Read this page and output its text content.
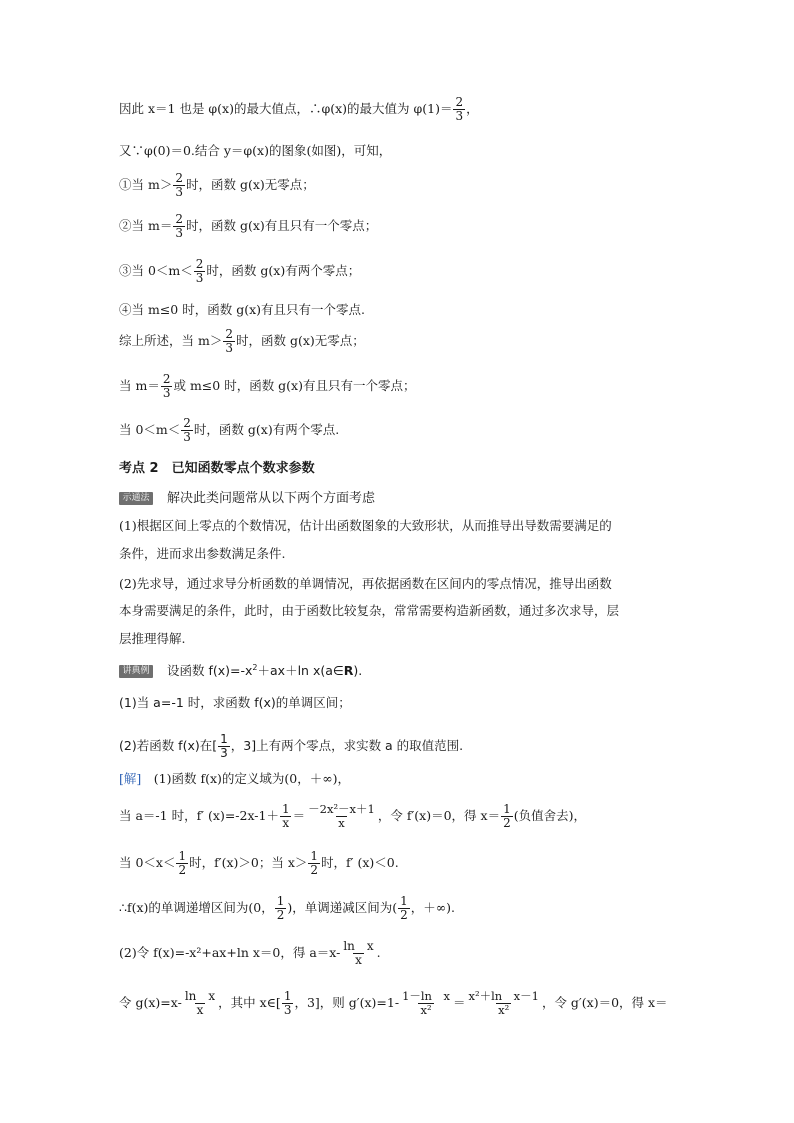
因此 x＝1 也是 φ(x)的最大值点，∴φ(x)的最大值为 $\varphi(1)= \frac{2}{3}$ ，
又∵φ(0)＝0.结合 y＝φ(x)的图象(如图)，可知，
①当 $m> \frac{2}{3}$ 时，函数 g(x)无零点；
②当 $m= \frac{2}{3}$ 时，函数 g(x)有且只有一个零点；
③当 $0<m< \frac{2}{3}$ 时，函数 g(x)有两个零点；
④当 m≤0 时，函数 g(x)有且只有一个零点.
综上所述，当 $m> \frac{2}{3}$ 时，函数 g(x)无零点；
当 $m= \frac{2}{3}$ 或 m≤0 时，函数 g(x)有且只有一个零点；
当 $0<m< \frac{2}{3}$ 时，函数 g(x)有两个零点.
考点 2　已知函数零点个数求参数
示通法 解决此类问题常从以下两个方面考虑
(1)根据区间上零点的个数情况，估计出函数图象的大致形状，从而推导出导数需要满足的
条件，进而求出参数满足条件.
(2)先求导，通过求导分析函数的单调情况，再依据函数在区间内的零点情况，推导出函数
本身需要满足的条件，此时，由于函数比较复杂，常常需要构造新函数，通过多次求导，层
层推理得解.
讲典例 设函数 $f(x)=-x^2+ax+\ln$ x(a∈R).
(1)当 a=-1 时，求函数 f(x)的单调区间；
(2)若函数 f(x)在[ $\frac{1}{3}$ ，3]上有两个零点，求实数 a 的取值范围.
[解]　(1)函数 f(x)的定义域为(0，＋∞)，
当 a＝-1 时，f′ $(x)=-2x-1+ \frac{1}{x} = \frac{\text{－2x²－x＋1}}{x}$ ，令 f′(x)＝0，得 $x= \frac{1}{2}$ (负值舍去)，
当 $0<x< \frac{1}{2}$ 时，f′(x)＞0；当 $x> \frac{1}{2}$ 时，f′ (x)＜0.
∴f(x)的单调递增区间为(0， $\frac{1}{2}$ )，单调递减区间为( $\frac{1}{2}$ ，＋∞).
(2)令 f(x)=-x²+ax+ln x＝0，得 $a=x- \frac{\text{ln　x}}{x}$ .
令 $g(x)=x- \frac{\text{ln　x}}{x}$ ，其中 x∈[ $\frac{1}{3}$ ，3]，则 $g'(x)=1- \frac{\text{1－ln　x}}{\text{x²}} = \frac{\text{x²＋ln　x－1}}{\text{x²}}$ ，令 g′(x)＝0，得 x＝
